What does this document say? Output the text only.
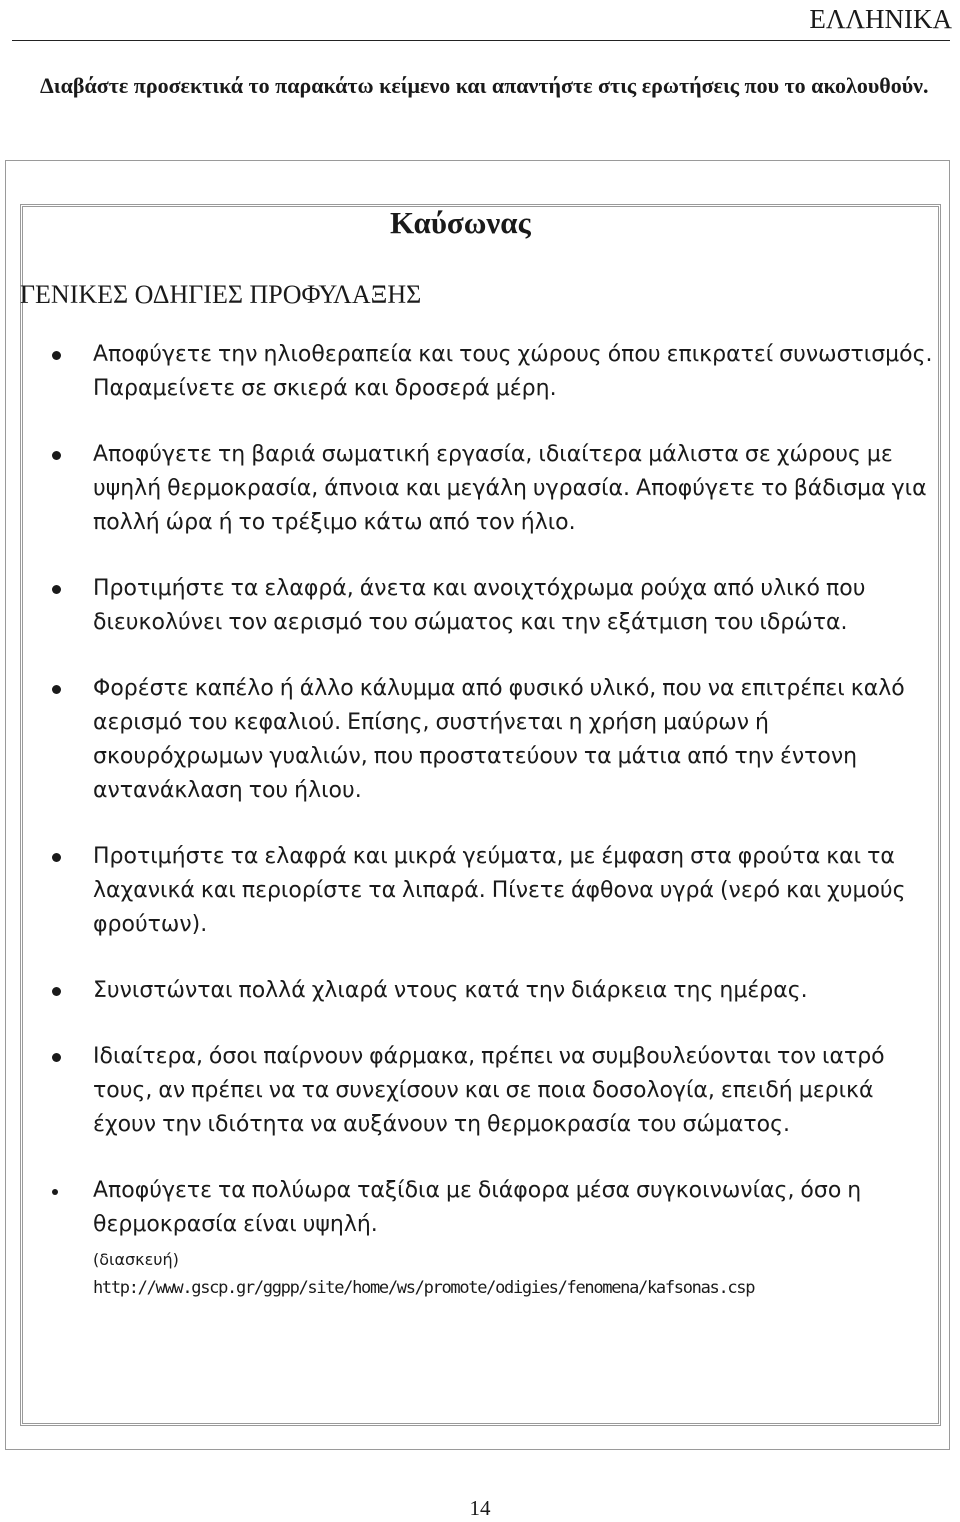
ΕΛΛΗΝΙΚΑ
Διαβάστε προσεκτικά το παρακάτω κείμενο και απαντήστε στις ερωτήσεις που το ακολουθούν.
Καύσωνας
ΓΕΝΙΚΕΣ ΟΔΗΓΙΕΣ ΠΡΟΦΥΛΑΞΗΣ
Αποφύγετε την ηλιοθεραπεία και τους χώρους όπου επικρατεί συνωστισμός. Παραμείνετε σε σκιερά και δροσερά μέρη.
Αποφύγετε τη βαριά σωματική εργασία, ιδιαίτερα μάλιστα σε χώρους με υψηλή θερμοκρασία, άπνοια και μεγάλη υγρασία. Αποφύγετε το βάδισμα για πολλή ώρα ή το τρέξιμο κάτω από τον ήλιο.
Προτιμήστε τα ελαφρά, άνετα και ανοιχτόχρωμα ρούχα από υλικό που διευκολύνει τον αερισμό του σώματος και την εξάτμιση του ιδρώτα.
Φορέστε καπέλο ή άλλο κάλυμμα από φυσικό υλικό, που να επιτρέπει καλό αερισμό του κεφαλιού. Επίσης, συστήνεται η χρήση μαύρων ή σκουρόχρωμων γυαλιών, που προστατεύουν τα μάτια από την έντονη αντανάκλαση του ήλιου.
Προτιμήστε τα ελαφρά και μικρά γεύματα, με έμφαση στα φρούτα και τα λαχανικά και περιορίστε τα λιπαρά. Πίνετε άφθονα υγρά (νερό και χυμούς φρούτων).
Συνιστώνται πολλά χλιαρά ντους κατά την διάρκεια της ημέρας.
Ιδιαίτερα, όσοι παίρνουν φάρμακα, πρέπει να συμβουλεύονται τον ιατρό τους, αν πρέπει να τα συνεχίσουν και σε ποια δοσολογία, επειδή μερικά έχουν την ιδιότητα να αυξάνουν τη θερμοκρασία του σώματος.
Αποφύγετε τα πολύωρα ταξίδια με διάφορα μέσα συγκοινωνίας, όσο η θερμοκρασία είναι υψηλή.
(διασκευή)
http://www.gscp.gr/ggpp/site/home/ws/promote/odigies/fenomena/kafsonas.csp
14
